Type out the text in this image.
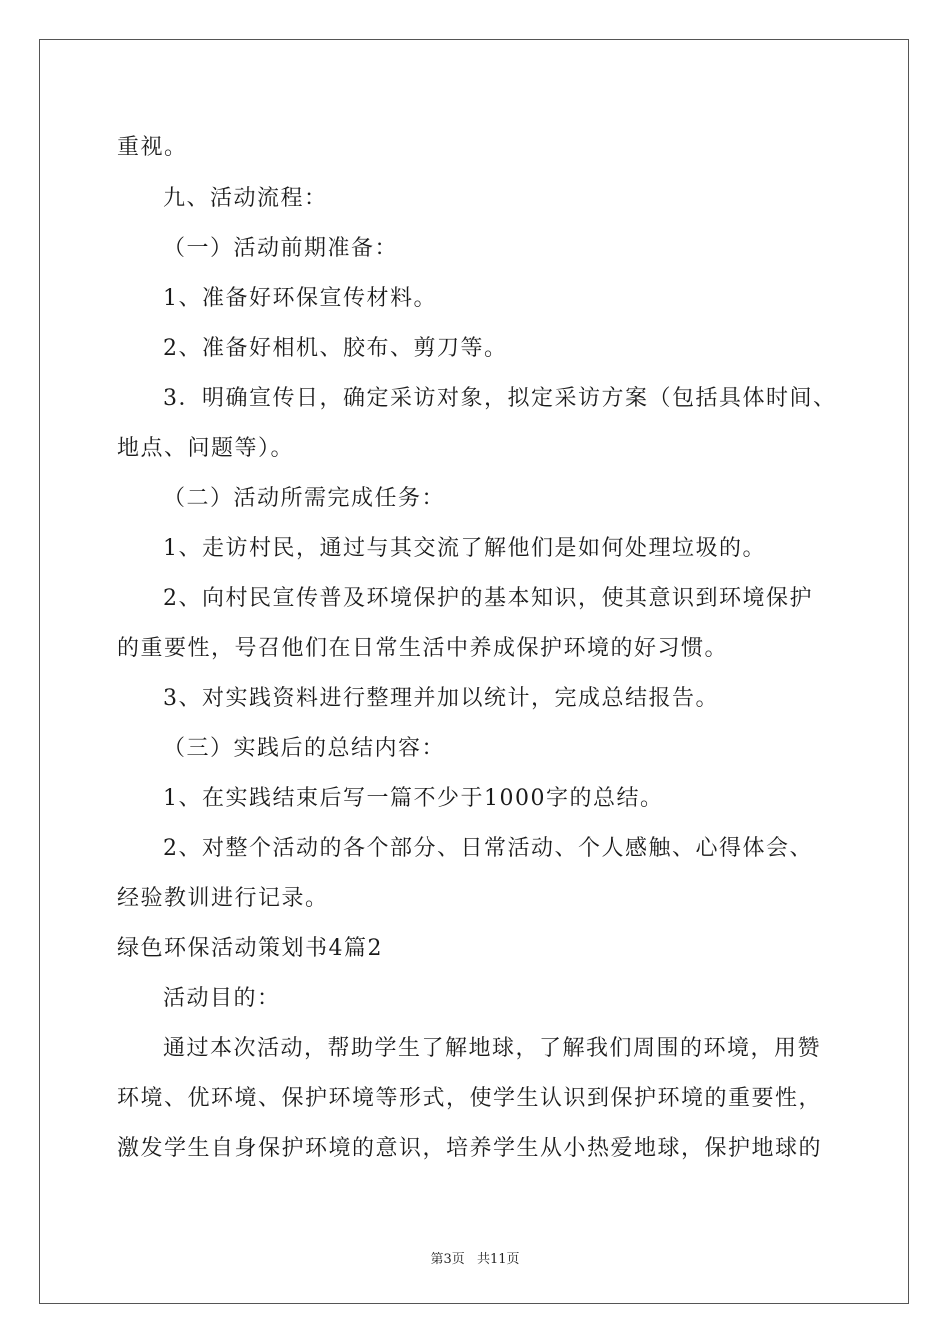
重视。
九、活动流程：
（一）活动前期准备：
1、准备好环保宣传材料。
2、准备好相机、胶布、剪刀等。
3．明确宣传日，确定采访对象，拟定采访方案（包括具体时间、
地点、问题等）。
（二）活动所需完成任务：
1、走访村民，通过与其交流了解他们是如何处理垃圾的。
2、向村民宣传普及环境保护的基本知识，使其意识到环境保护
的重要性，号召他们在日常生活中养成保护环境的好习惯。
3、对实践资料进行整理并加以统计，完成总结报告。
（三）实践后的总结内容：
1、在实践结束后写一篇不少于1000字的总结。
2、对整个活动的各个部分、日常活动、个人感触、心得体会、
经验教训进行记录。
绿色环保活动策划书4篇2
活动目的：
通过本次活动，帮助学生了解地球，了解我们周围的环境，用赞
环境、优环境、保护环境等形式，使学生认识到保护环境的重要性，
激发学生自身保护环境的意识，培养学生从小热爱地球，保护地球的
第3页 共11页
